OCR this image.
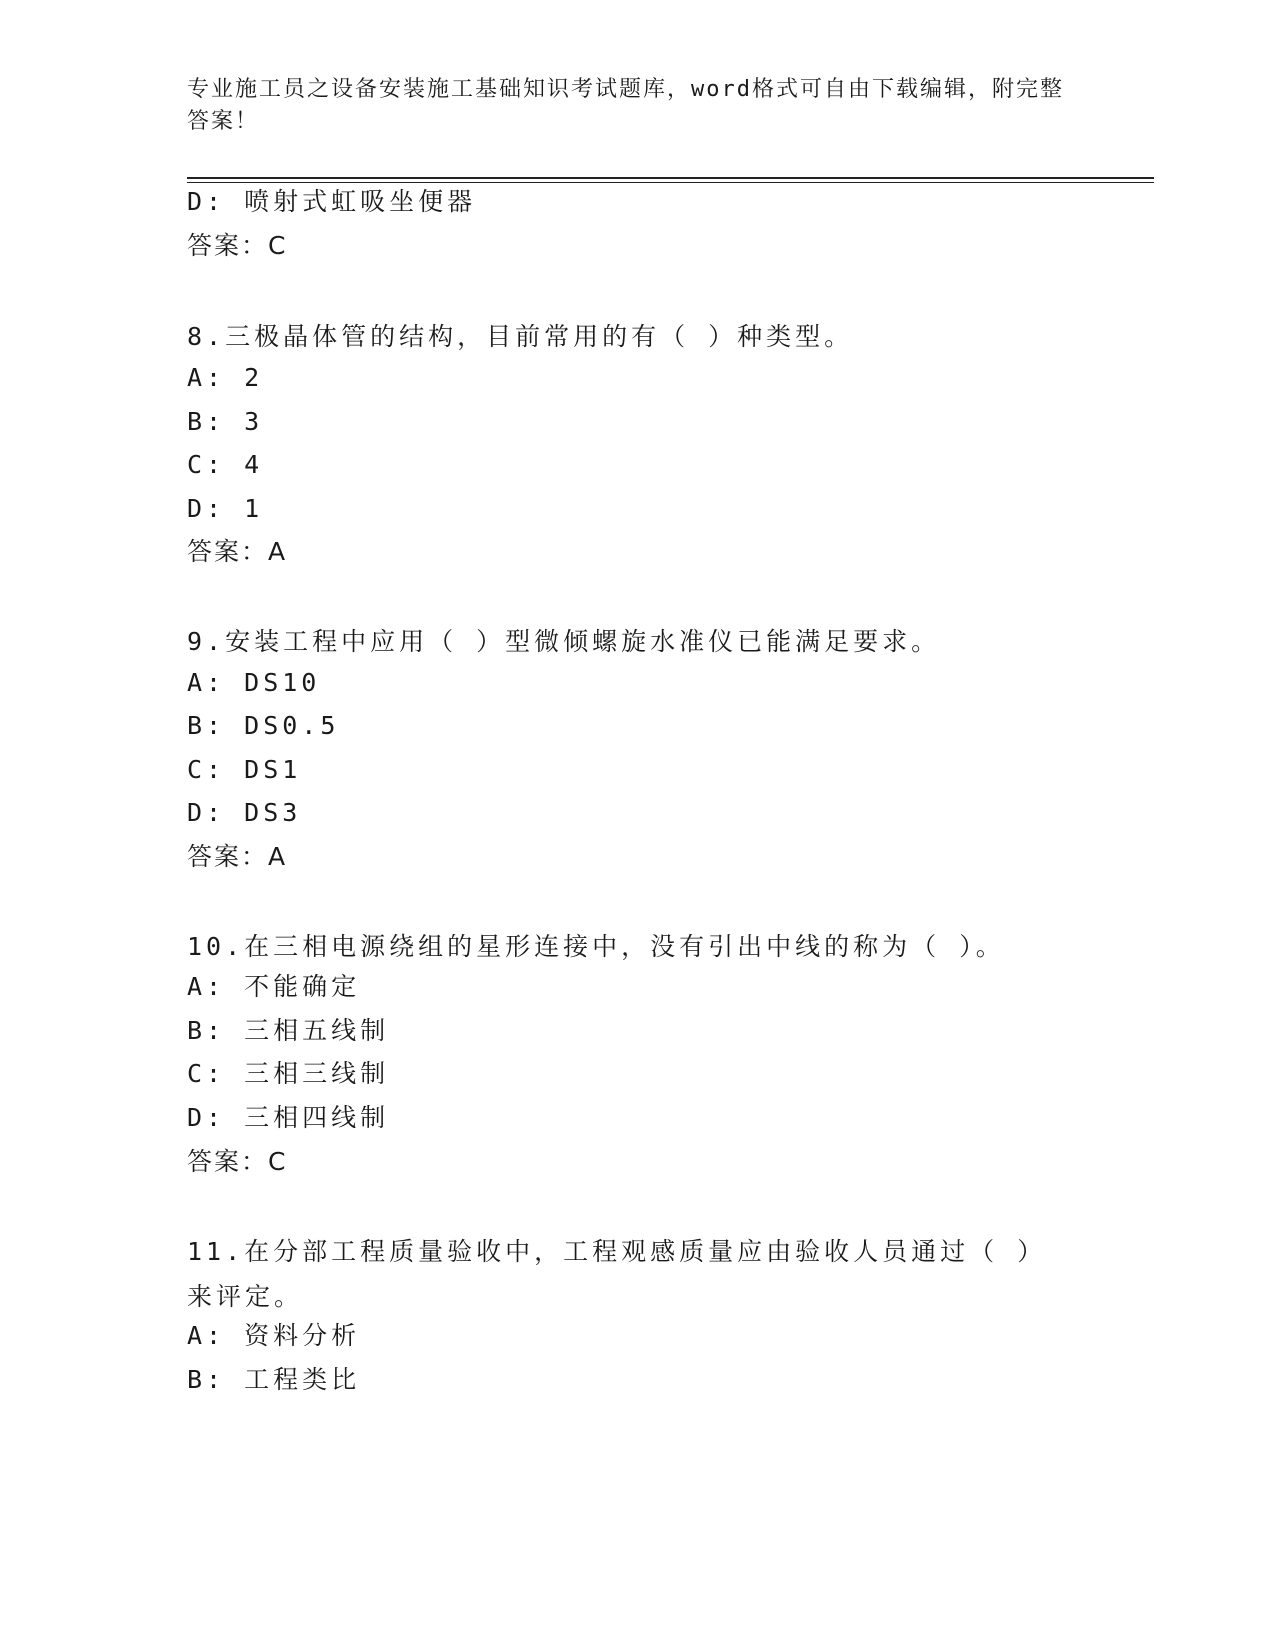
专业施工员之设备安装施工基础知识考试题库，word格式可自由下载编辑，附完整答案！
D: 喷射式虹吸坐便器
答案：C
8.三极晶体管的结构，目前常用的有（ ）种类型。
A: 2
B: 3
C: 4
D: 1
答案：A
9.安装工程中应用（ ）型微倾螺旋水准仪已能满足要求。
A: DS10
B: DS0.5
C: DS1
D: DS3
答案：A
10.在三相电源绕组的星形连接中，没有引出中线的称为（ ）。
A: 不能确定
B: 三相五线制
C: 三相三线制
D: 三相四线制
答案：C
11.在分部工程质量验收中，工程观感质量应由验收人员通过（ ）来评定。
A: 资料分析
B: 工程类比
